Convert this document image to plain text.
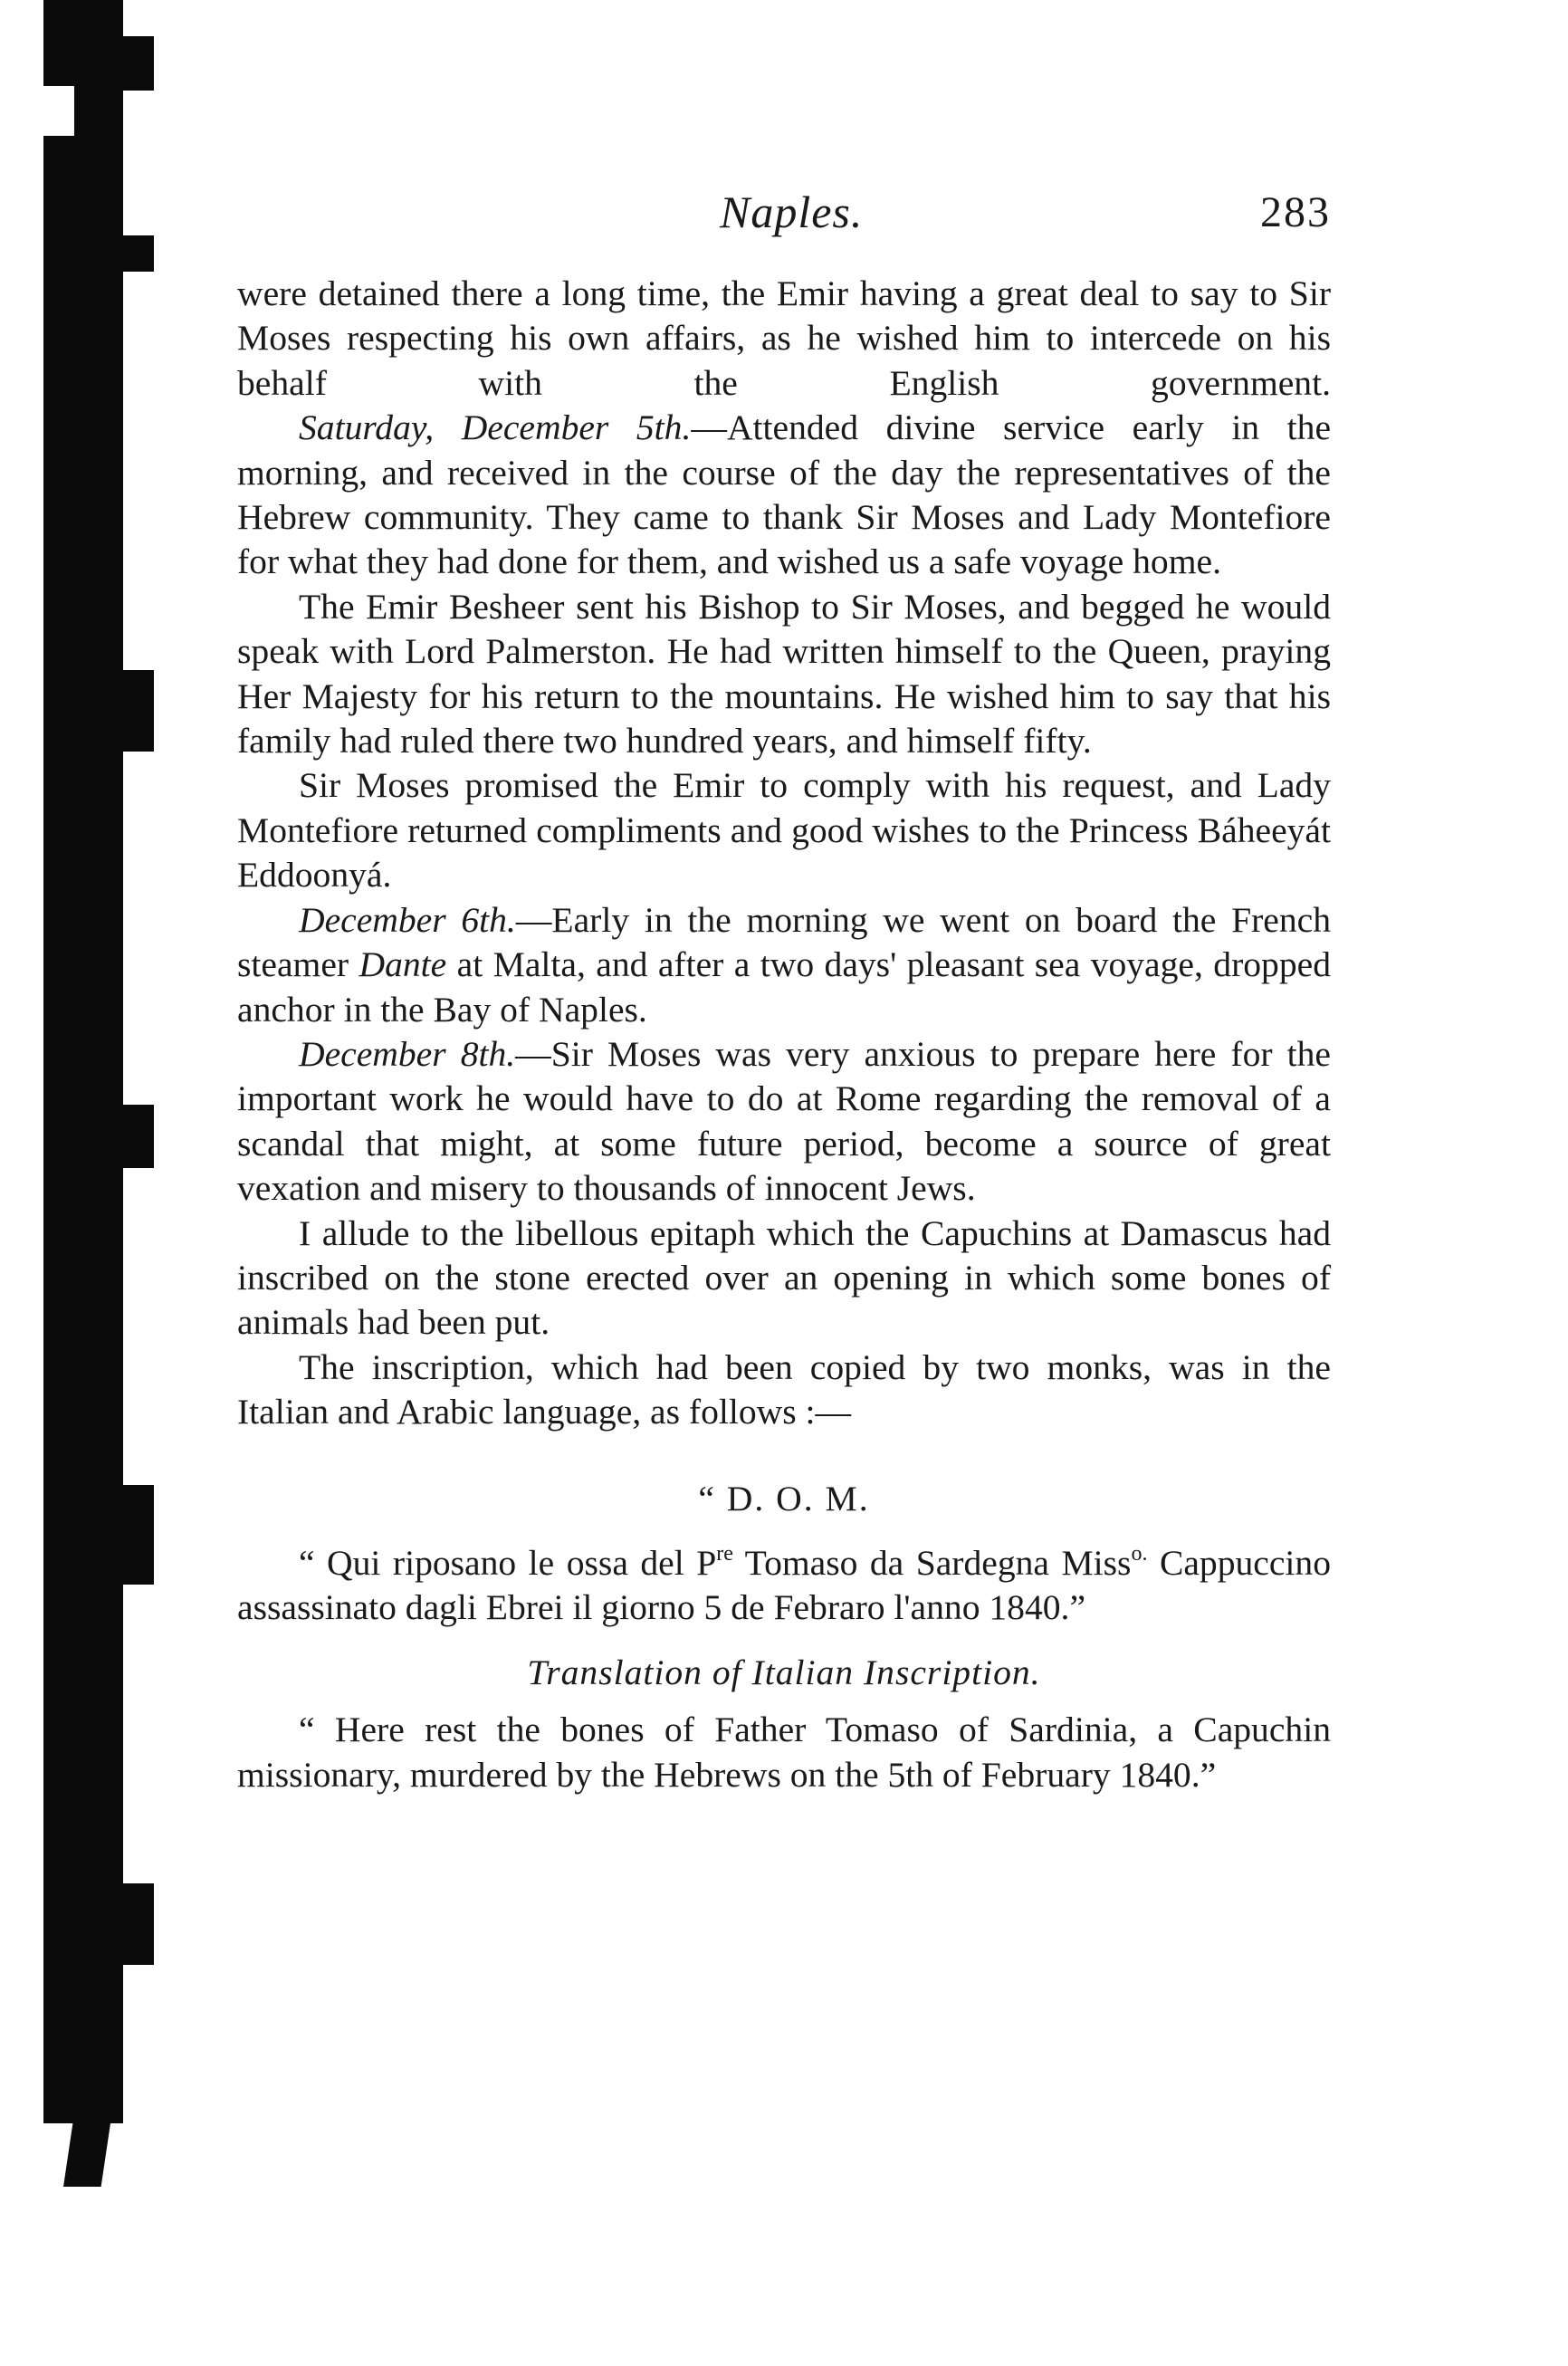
Naples.	283

were detained there a long time, the Emir having a great deal to say to Sir Moses respecting his own affairs, as he wished him to intercede on his behalf with the English government.

Saturday, December 5th.—Attended divine service early in the morning, and received in the course of the day the representatives of the Hebrew community. They came to thank Sir Moses and Lady Montefiore for what they had done for them, and wished us a safe voyage home.

The Emir Besheer sent his Bishop to Sir Moses, and begged he would speak with Lord Palmerston. He had written himself to the Queen, praying Her Majesty for his return to the mountains. He wished him to say that his family had ruled there two hundred years, and himself fifty.

Sir Moses promised the Emir to comply with his request, and Lady Montefiore returned compliments and good wishes to the Princess Báheeyát Eddoonyá.

December 6th.—Early in the morning we went on board the French steamer Dante at Malta, and after a two days' pleasant sea voyage, dropped anchor in the Bay of Naples.

December 8th.—Sir Moses was very anxious to prepare here for the important work he would have to do at Rome regarding the removal of a scandal that might, at some future period, become a source of great vexation and misery to thousands of innocent Jews.

I allude to the libellous epitaph which the Capuchins at Damascus had inscribed on the stone erected over an opening in which some bones of animals had been put.

The inscription, which had been copied by two monks, was in the Italian and Arabic language, as follows :—

“ D. O. M.

“ Qui riposano le ossa del $P^{re}$ Tomaso da Sardegna Miss$^{o.}$ Cappuccino assassinato dagli Ebrei il giorno 5 de Febraro l'anno 1840.”

Translation of Italian Inscription.

“ Here rest the bones of Father Tomaso of Sardinia, a Capuchin missionary, murdered by the Hebrews on the 5th of February 1840.”
